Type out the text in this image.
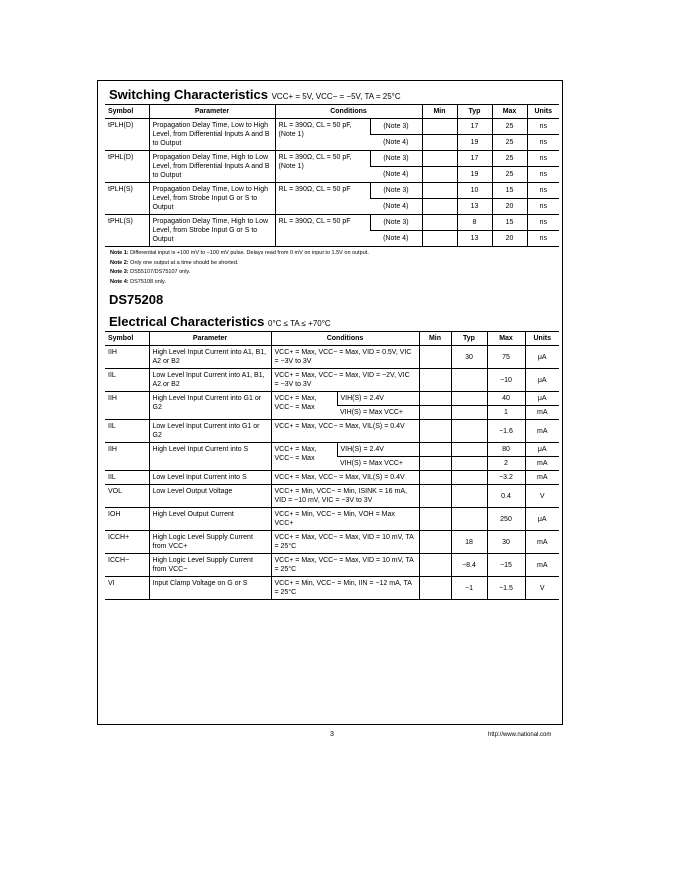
Switching Characteristics VCC+ = 5V, VCC− = −5V, TA = 25°C
Symbol	Parameter	Conditions		Min	Typ	Max	Units
tPLH(D)	Propagation Delay Time, Low to High Level, from Differential Inputs A and B to Output	RL = 390Ω, CL = 50 pF, (Note 1)	(Note 3)		17	25	ns
			(Note 4)		19	25	ns
tPHL(D)	Propagation Delay Time, High to Low Level, from Differential Inputs A and B to Output	RL = 390Ω, CL = 50 pF, (Note 1)	(Note 3)		17	25	ns
			(Note 4)		19	25	ns
tPLH(S)	Propagation Delay Time, Low to High Level, from Strobe Input G or S to Output	RL = 390Ω, CL = 50 pF	(Note 3)		10	15	ns
			(Note 4)		13	20	ns
tPHL(S)	Propagation Delay Time, High to Low Level, from Strobe Input G or S to Output	RL = 390Ω, CL = 50 pF	(Note 3)		8	15	ns
			(Note 4)		13	20	ns
Note 1: Differential input is +100 mV to −100 mV pulse. Delays read from 0 mV on input to 1.5V on output.
Note 2: Only one output at a time should be shorted.
Note 3: DS55107/DS75107 only.
Note 4: DS75108 only.
DS75208
Electrical Characteristics 0°C ≤ TA ≤ +70°C
Symbol	Parameter	Conditions		Min	Typ	Max	Units
IIH	High Level Input Current into A1, B1, A2 or B2	VCC+ = Max, VCC− = Max, VID = 0.5V, VIC = −3V to 3V			30	75	μA
IIL	Low Level Input Current into A1, B1, A2 or B2	VCC+ = Max, VCC− = Max, VID = −2V, VIC = −3V to 3V				−10	μA
IIH	High Level Input Current into G1 or G2	VCC+ = Max, VCC− = Max	VIH(S) = 2.4V			40	μA
			VIH(S) = Max VCC+			1	mA
IIL	Low Level Input Current into G1 or G2	VCC+ = Max, VCC− = Max, VIL(S) = 0.4V				−1.6	mA
IIH	High Level Input Current into S	VCC+ = Max, VCC− = Max	VIH(S) = 2.4V			80	μA
			VIH(S) = Max VCC+			2	mA
IIL	Low Level Input Current into S	VCC+ = Max, VCC− = Max, VIL(S) = 0.4V				−3.2	mA
VOL	Low Level Output Voltage	VCC+ = Min, VCC− = Min, ISINK = 16 mA, VID = −10 mV, VIC = −3V to 3V				0.4	V
IOH	High Level Output Current	VCC+ = Min, VCC− = Min, VOH = Max VCC+				250	μA
ICCH+	High Logic Level Supply Current from VCC+	VCC+ = Max, VCC− = Max, VID = 10 mV, TA = 25°C			18	30	mA
ICCH−	High Logic Level Supply Current from VCC−	VCC+ = Max, VCC− = Max, VID = 10 mV, TA = 25°C			−8.4	−15	mA
VI	Input Clamp Voltage on G or S	VCC+ = Min, VCC− = Min, IIN = −12 mA, TA = 25°C			−1	−1.5	V
3	http://www.national.com
